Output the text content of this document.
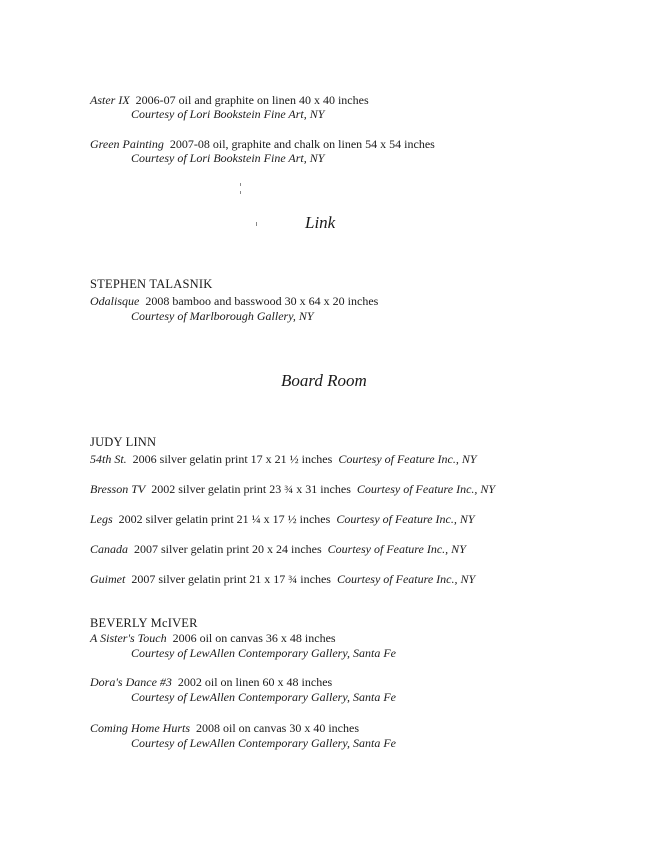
Aster IX 2006-07 oil and graphite on linen 40 x 40 inches
Courtesy of Lori Bookstein Fine Art, NY
Green Painting 2007-08 oil, graphite and chalk on linen 54 x 54 inches
Courtesy of Lori Bookstein Fine Art, NY
Link
STEPHEN TALASNIK
Odalisque 2008 bamboo and basswood 30 x 64 x 20 inches
Courtesy of Marlborough Gallery, NY
Board Room
JUDY LINN
54th St. 2006 silver gelatin print 17 x 21 ½ inches Courtesy of Feature Inc., NY
Bresson TV 2002 silver gelatin print 23 ¾ x 31 inches Courtesy of Feature Inc., NY
Legs 2002 silver gelatin print 21 ¼ x 17 ½ inches Courtesy of Feature Inc., NY
Canada 2007 silver gelatin print 20 x 24 inches Courtesy of Feature Inc., NY
Guimet 2007 silver gelatin print 21 x 17 ¾ inches Courtesy of Feature Inc., NY
BEVERLY McIVER
A Sister's Touch 2006 oil on canvas 36 x 48 inches
Courtesy of LewAllen Contemporary Gallery, Santa Fe
Dora's Dance #3 2002 oil on linen 60 x 48 inches
Courtesy of LewAllen Contemporary Gallery, Santa Fe
Coming Home Hurts 2008 oil on canvas 30 x 40 inches
Courtesy of LewAllen Contemporary Gallery, Santa Fe
